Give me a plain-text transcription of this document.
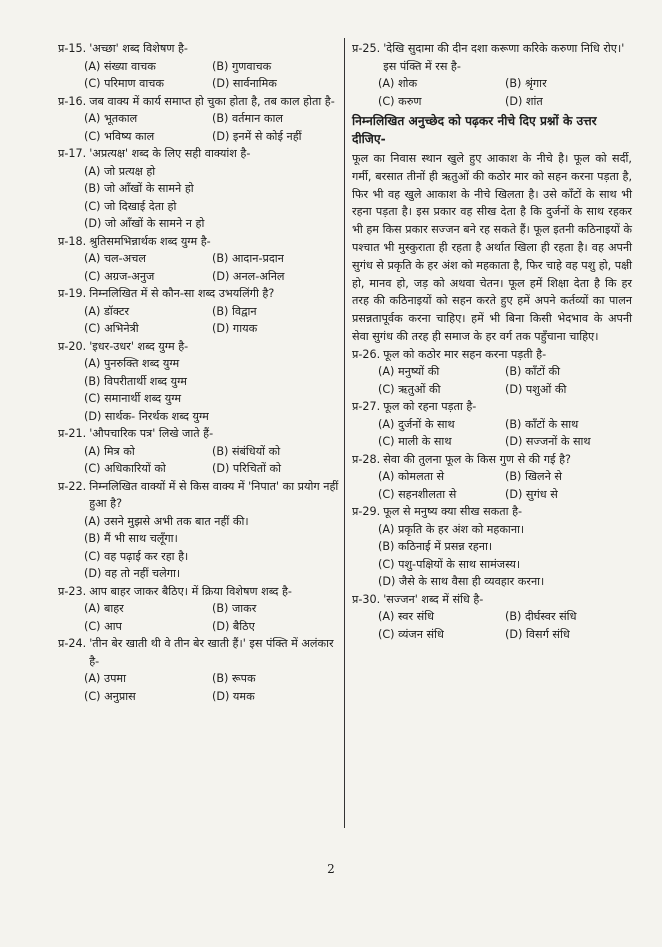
प्र-15. 'अच्छा' शब्द विशेषण है-
(A) संख्या वाचक	(B) गुणवाचक
(C) परिमाण वाचक	(D) सार्वनामिक
प्र-16. जब वाक्य में कार्य समाप्त हो चुका होता है, तब काल होता है-
(A) भूतकाल	(B) वर्तमान काल
(C) भविष्य काल	(D) इनमें से कोई नहीं
प्र-17. 'अप्रत्यक्ष' शब्द के लिए सही वाक्यांश है-
(A) जो प्रत्यक्ष हो
(B) जो आँखों के सामने हो
(C) जो दिखाई देता हो
(D) जो आँखों के सामने न हो
प्र-18. श्रुतिसमभिन्नार्थक शब्द युग्म है-
(A) चल-अचल	(B) आदान-प्रदान
(C) अग्रज-अनुज	(D) अनल-अनिल
प्र-19. निम्नलिखित में से कौन-सा शब्द उभयलिंगी है?
(A) डॉक्टर	(B) विद्वान
(C) अभिनेत्री	(D) गायक
प्र-20. 'इधर-उधर' शब्द युग्म है-
(A) पुनरुक्ति शब्द युग्म
(B) विपरीतार्थी शब्द युग्म
(C) समानार्थी शब्द युग्म
(D) सार्थक- निरर्थक शब्द युग्म
प्र-21. 'औपचारिक पत्र' लिखे जाते हैं-
(A) मित्र को	(B) संबंधियों को
(C) अधिकारियों को	(D) परिचितों को
प्र-22. निम्नलिखित वाक्यों में से किस वाक्य में 'निपात' का प्रयोग नहीं हुआ है?
(A) उसने मुझसे अभी तक बात नहीं की।
(B) मैं भी साथ चलूँगा।
(C) वह पढ़ाई कर रहा है।
(D) वह तो नहीं चलेगा।
प्र-23. आप बाहर जाकर बैठिए। में क्रिया विशेषण शब्द है-
(A) बाहर	(B) जाकर
(C) आप	(D) बैठिए
प्र-24. 'तीन बेर खाती थी वे तीन बेर खाती हैं।' इस पंक्ति में अलंकार है-
(A) उपमा	(B) रूपक
(C) अनुप्रास	(D) यमक
प्र-25. 'देखि सुदामा की दीन दशा करूणा करिके करुणा निधि रोए।' इस पंक्ति में रस है-
(A) शोक	(B) श्रृंगार
(C) करुण	(D) शांत
निम्नलिखित अनुच्छेद को पढ़कर नीचे दिए प्रश्नों के उत्तर दीजिए-
फूल का निवास स्थान खुले हुए आकाश के नीचे है। फूल को सर्दी, गर्मी, बरसात तीनों ही ऋतुओं की कठोर मार को सहन करना पड़ता है, फिर भी वह खुले आकाश के नीचे खिलता है। उसे काँटों के साथ भी रहना पड़ता है। इस प्रकार वह सीख देता है कि दुर्जनों के साथ रहकर भी हम किस प्रकार सज्जन बने रह सकते हैं। फूल इतनी कठिनाइयों के पश्चात भी मुस्कुराता ही रहता है अर्थात खिला ही रहता है। वह अपनी सुगंध से प्रकृति के हर अंश को महकाता है, फिर चाहे वह पशु हो, पक्षी हो, मानव हो, जड़ को अथवा चेतन। फूल हमें शिक्षा देता है कि हर तरह की कठिनाइयों को सहन करते हुए हमें अपने कर्तव्यों का पालन प्रसन्नतापूर्वक करना चाहिए। हमें भी बिना किसी भेदभाव के अपनी सेवा सुगंध की तरह ही समाज के हर वर्ग तक पहुँचाना चाहिए।
प्र-26. फूल को कठोर मार सहन करना पड़ती है-
(A) मनुष्यों की	(B) काँटों की
(C) ऋतुओं की	(D) पशुओं की
प्र-27. फूल को रहना पड़ता है-
(A) दुर्जनों के साथ	(B) काँटों के साथ
(C) माली के साथ	(D) सज्जनों के साथ
प्र-28. सेवा की तुलना फूल के किस गुण से की गई है?
(A) कोमलता से	(B) खिलने से
(C) सहनशीलता से	(D) सुगंध से
प्र-29. फूल से मनुष्य क्या सीख सकता है-
(A) प्रकृति के हर अंश को महकाना।
(B) कठिनाई में प्रसन्न रहना।
(C) पशु-पक्षियों के साथ सामंजस्य।
(D) जैसे के साथ वैसा ही व्यवहार करना।
प्र-30. 'सज्जन' शब्द में संधि है-
(A) स्वर संधि	(B) दीर्घस्वर संधि
(C) व्यंजन संधि	(D) विसर्ग संधि
2
